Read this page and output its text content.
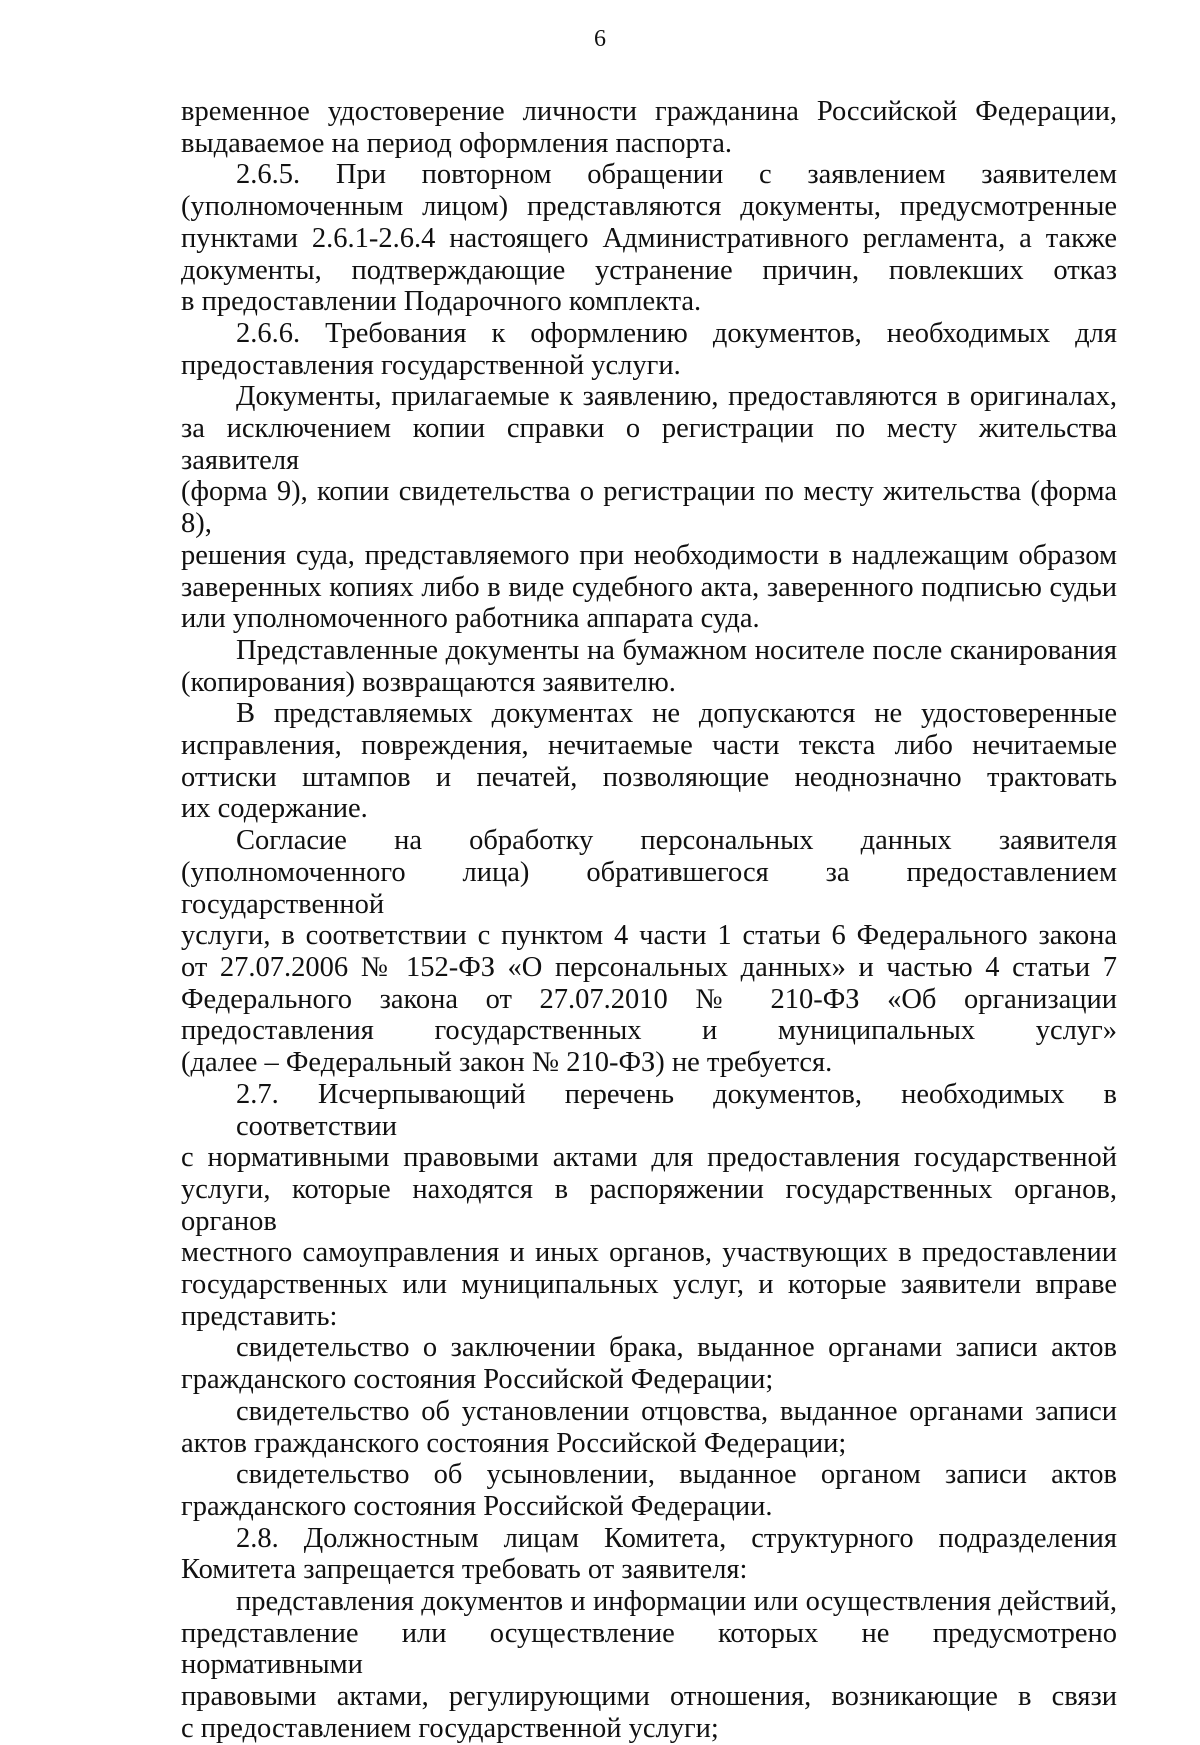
6

временное удостоверение личности гражданина Российской Федерации,
выдаваемое на период оформления паспорта.

2.6.5. При повторном обращении с заявлением заявителем
(уполномоченным лицом) представляются документы, предусмотренные
пунктами 2.6.1-2.6.4 настоящего Административного регламента, а также
документы, подтверждающие устранение причин, повлекших отказ
в предоставлении Подарочного комплекта.

2.6.6. Требования к оформлению документов, необходимых для
предоставления государственной услуги.

Документы, прилагаемые к заявлению, предоставляются в оригиналах,
за исключением копии справки о регистрации по месту жительства заявителя
(форма 9), копии свидетельства о регистрации по месту жительства (форма 8),
решения суда, представляемого при необходимости в надлежащим образом
заверенных копиях либо в виде судебного акта, заверенного подписью судьи
или уполномоченного работника аппарата суда.

Представленные документы на бумажном носителе после сканирования
(копирования) возвращаются заявителю.

В представляемых документах не допускаются не удостоверенные
исправления, повреждения, нечитаемые части текста либо нечитаемые
оттиски штампов и печатей, позволяющие неоднозначно трактовать
их содержание.

Согласие на обработку персональных данных заявителя
(уполномоченного лица) обратившегося за предоставлением государственной
услуги, в соответствии с пунктом 4 части 1 статьи 6 Федерального закона
от 27.07.2006 № 152-ФЗ «О персональных данных» и частью 4 статьи 7
Федерального закона от 27.07.2010 № 210-ФЗ «Об организации
предоставления государственных и муниципальных услуг»
(далее – Федеральный закон № 210-ФЗ) не требуется.

2.7. Исчерпывающий перечень документов, необходимых в соответствии
с нормативными правовыми актами для предоставления государственной
услуги, которые находятся в распоряжении государственных органов, органов
местного самоуправления и иных органов, участвующих в предоставлении
государственных или муниципальных услуг, и которые заявители вправе
представить:

свидетельство о заключении брака, выданное органами записи актов
гражданского состояния Российской Федерации;

свидетельство об установлении отцовства, выданное органами записи
актов гражданского состояния Российской Федерации;

свидетельство об усыновлении, выданное органом записи актов
гражданского состояния Российской Федерации.

2.8. Должностным лицам Комитета, структурного подразделения
Комитета запрещается требовать от заявителя:

представления документов и информации или осуществления действий,
представление или осуществление которых не предусмотрено нормативными
правовыми актами, регулирующими отношения, возникающие в связи
с предоставлением государственной услуги;
